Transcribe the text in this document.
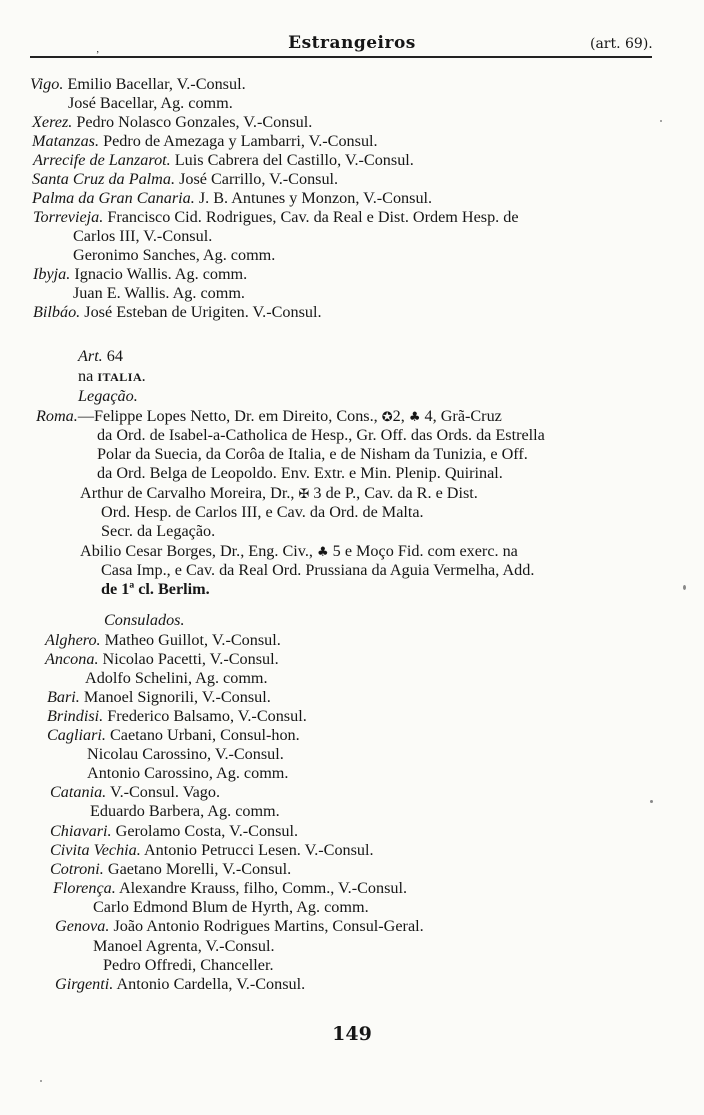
‚	Estrangeiros	(art. 69).
Vigo. Emilio Bacellar, V.-Consul.
José Bacellar, Ag. comm.
Xerez. Pedro Nolasco Gonzales, V.-Consul.
Matanzas. Pedro de Amezaga y Lambarri, V.-Consul.
Arrecife de Lanzarot. Luis Cabrera del Castillo, V.-Consul.
Santa Cruz da Palma. José Carrillo, V.-Consul.
Palma da Gran Canaria. J. B. Antunes y Monzon, V.-Consul.
Torrevieja. Francisco Cid. Rodrigues, Cav. da Real e Dist. Ordem Hesp. de
Carlos III, V.-Consul.
Geronimo Sanches, Ag. comm.
Ibyja. Ignacio Wallis. Ag. comm.
Juan E. Wallis. Ag. comm.
Bilbáo. José Esteban de Urigiten. V.-Consul.
Art. 64
na ITALIA.
Legação.
Roma.—Felippe Lopes Netto, Dr. em Direito, Cons., ✪2, ♣ 4, Grã-Cruz
da Ord. de Isabel-a-Catholica de Hesp., Gr. Off. das Ords. da Estrella
Polar da Suecia, da Corôa de Italia, e de Nisham da Tunizia, e Off.
da Ord. Belga de Leopoldo. Env. Extr. e Min. Plenip. Quirinal.
Arthur de Carvalho Moreira, Dr., ✠ 3 de P., Cav. da R. e Dist.
Ord. Hesp. de Carlos III, e Cav. da Ord. de Malta.
Secr. da Legação.
Abilio Cesar Borges, Dr., Eng. Civ., ♣ 5 e Moço Fid. com exerc. na
Casa Imp., e Cav. da Real Ord. Prussiana da Aguia Vermelha, Add.
de 1ª cl. Berlim.
Consulados.
Alghero. Matheo Guillot, V.-Consul.
Ancona. Nicolao Pacetti, V.-Consul.
Adolfo Schelini, Ag. comm.
Bari. Manoel Signorili, V.-Consul.
Brindisi. Frederico Balsamo, V.-Consul.
Cagliari. Caetano Urbani, Consul-hon.
Nicolau Carossino, V.-Consul.
Antonio Carossino, Ag. comm.
Catania. V.-Consul. Vago.
Eduardo Barbera, Ag. comm.
Chiavari. Gerolamo Costa, V.-Consul.
Civita Vechia. Antonio Petrucci Lesen. V.-Consul.
Cotroni. Gaetano Morelli, V.-Consul.
Florença. Alexandre Krauss, filho, Comm., V.-Consul.
Carlo Edmond Blum de Hyrth, Ag. comm.
Genova. João Antonio Rodrigues Martins, Consul-Geral.
Manoel Agrenta, V.-Consul.
Pedro Offredi, Chanceller.
Girgenti. Antonio Cardella, V.-Consul.
149
